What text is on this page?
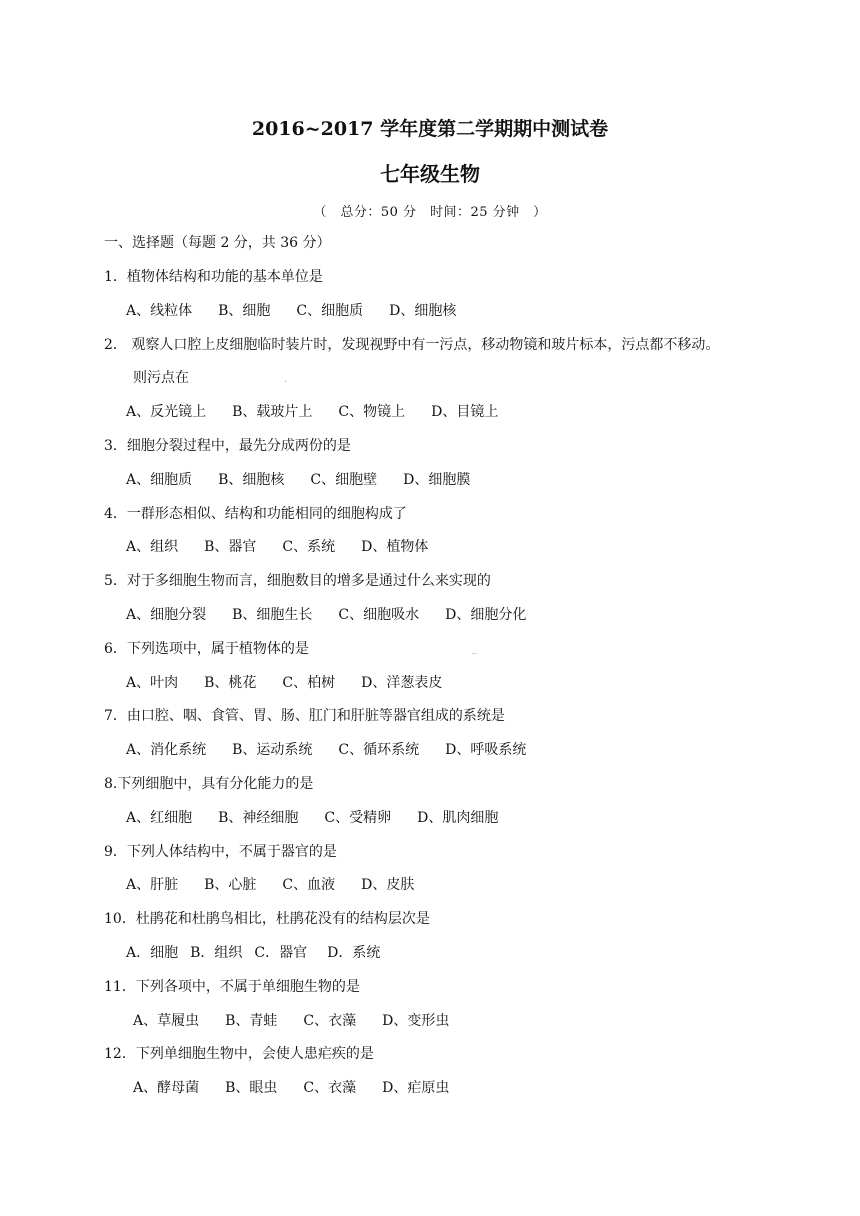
2016~2017 学年度第二学期期中测试卷
七年级生物
（　总分：50 分　时间：25 分钟　）
一、选择题（每题 2 分，共 36 分）
1．植物体结构和功能的基本单位是
A、线粒体 B、细胞 C、细胞质 D、细胞核
2． 观察人口腔上皮细胞临时装片时，发现视野中有一污点，移动物镜和玻片标本，污点都不移动。
则污点在	.
A、反光镜上 B、载玻片上 C、物镜上 D、目镜上
3．细胞分裂过程中，最先分成两份的是
A、细胞质 B、细胞核 C、细胞壁 D、细胞膜
4．一群形态相似、结构和功能相同的细胞构成了
A、组织 B、器官 C、系统 D、植物体
5．对于多细胞生物而言，细胞数目的增多是通过什么来实现的
A、细胞分裂 B、细胞生长 C、细胞吸水 D、细胞分化
6．下列选项中，属于植物体的是	_
A、叶肉 B、桃花 C、柏树 D、洋葱表皮
7．由口腔、咽、食管、胃、肠、肛门和肝脏等器官组成的系统是
A、消化系统 B、运动系统 C、循环系统 D、呼吸系统
8.下列细胞中，具有分化能力的是
A、红细胞 B、神经细胞 C、受精卵 D、肌肉细胞
9．下列人体结构中，不属于器官的是
A、肝脏 B、心脏 C、血液 D、皮肤
10．杜鹃花和杜鹃鸟相比，杜鹃花没有的结构层次是
A．细胞 B．组织 C．器官 D．系统
11．下列各项中，不属于单细胞生物的是
A、草履虫 B、青蛙 C、衣藻 D、变形虫
12．下列单细胞生物中，会使人患疟疾的是
A、酵母菌 B、眼虫 C、衣藻 D、疟原虫
